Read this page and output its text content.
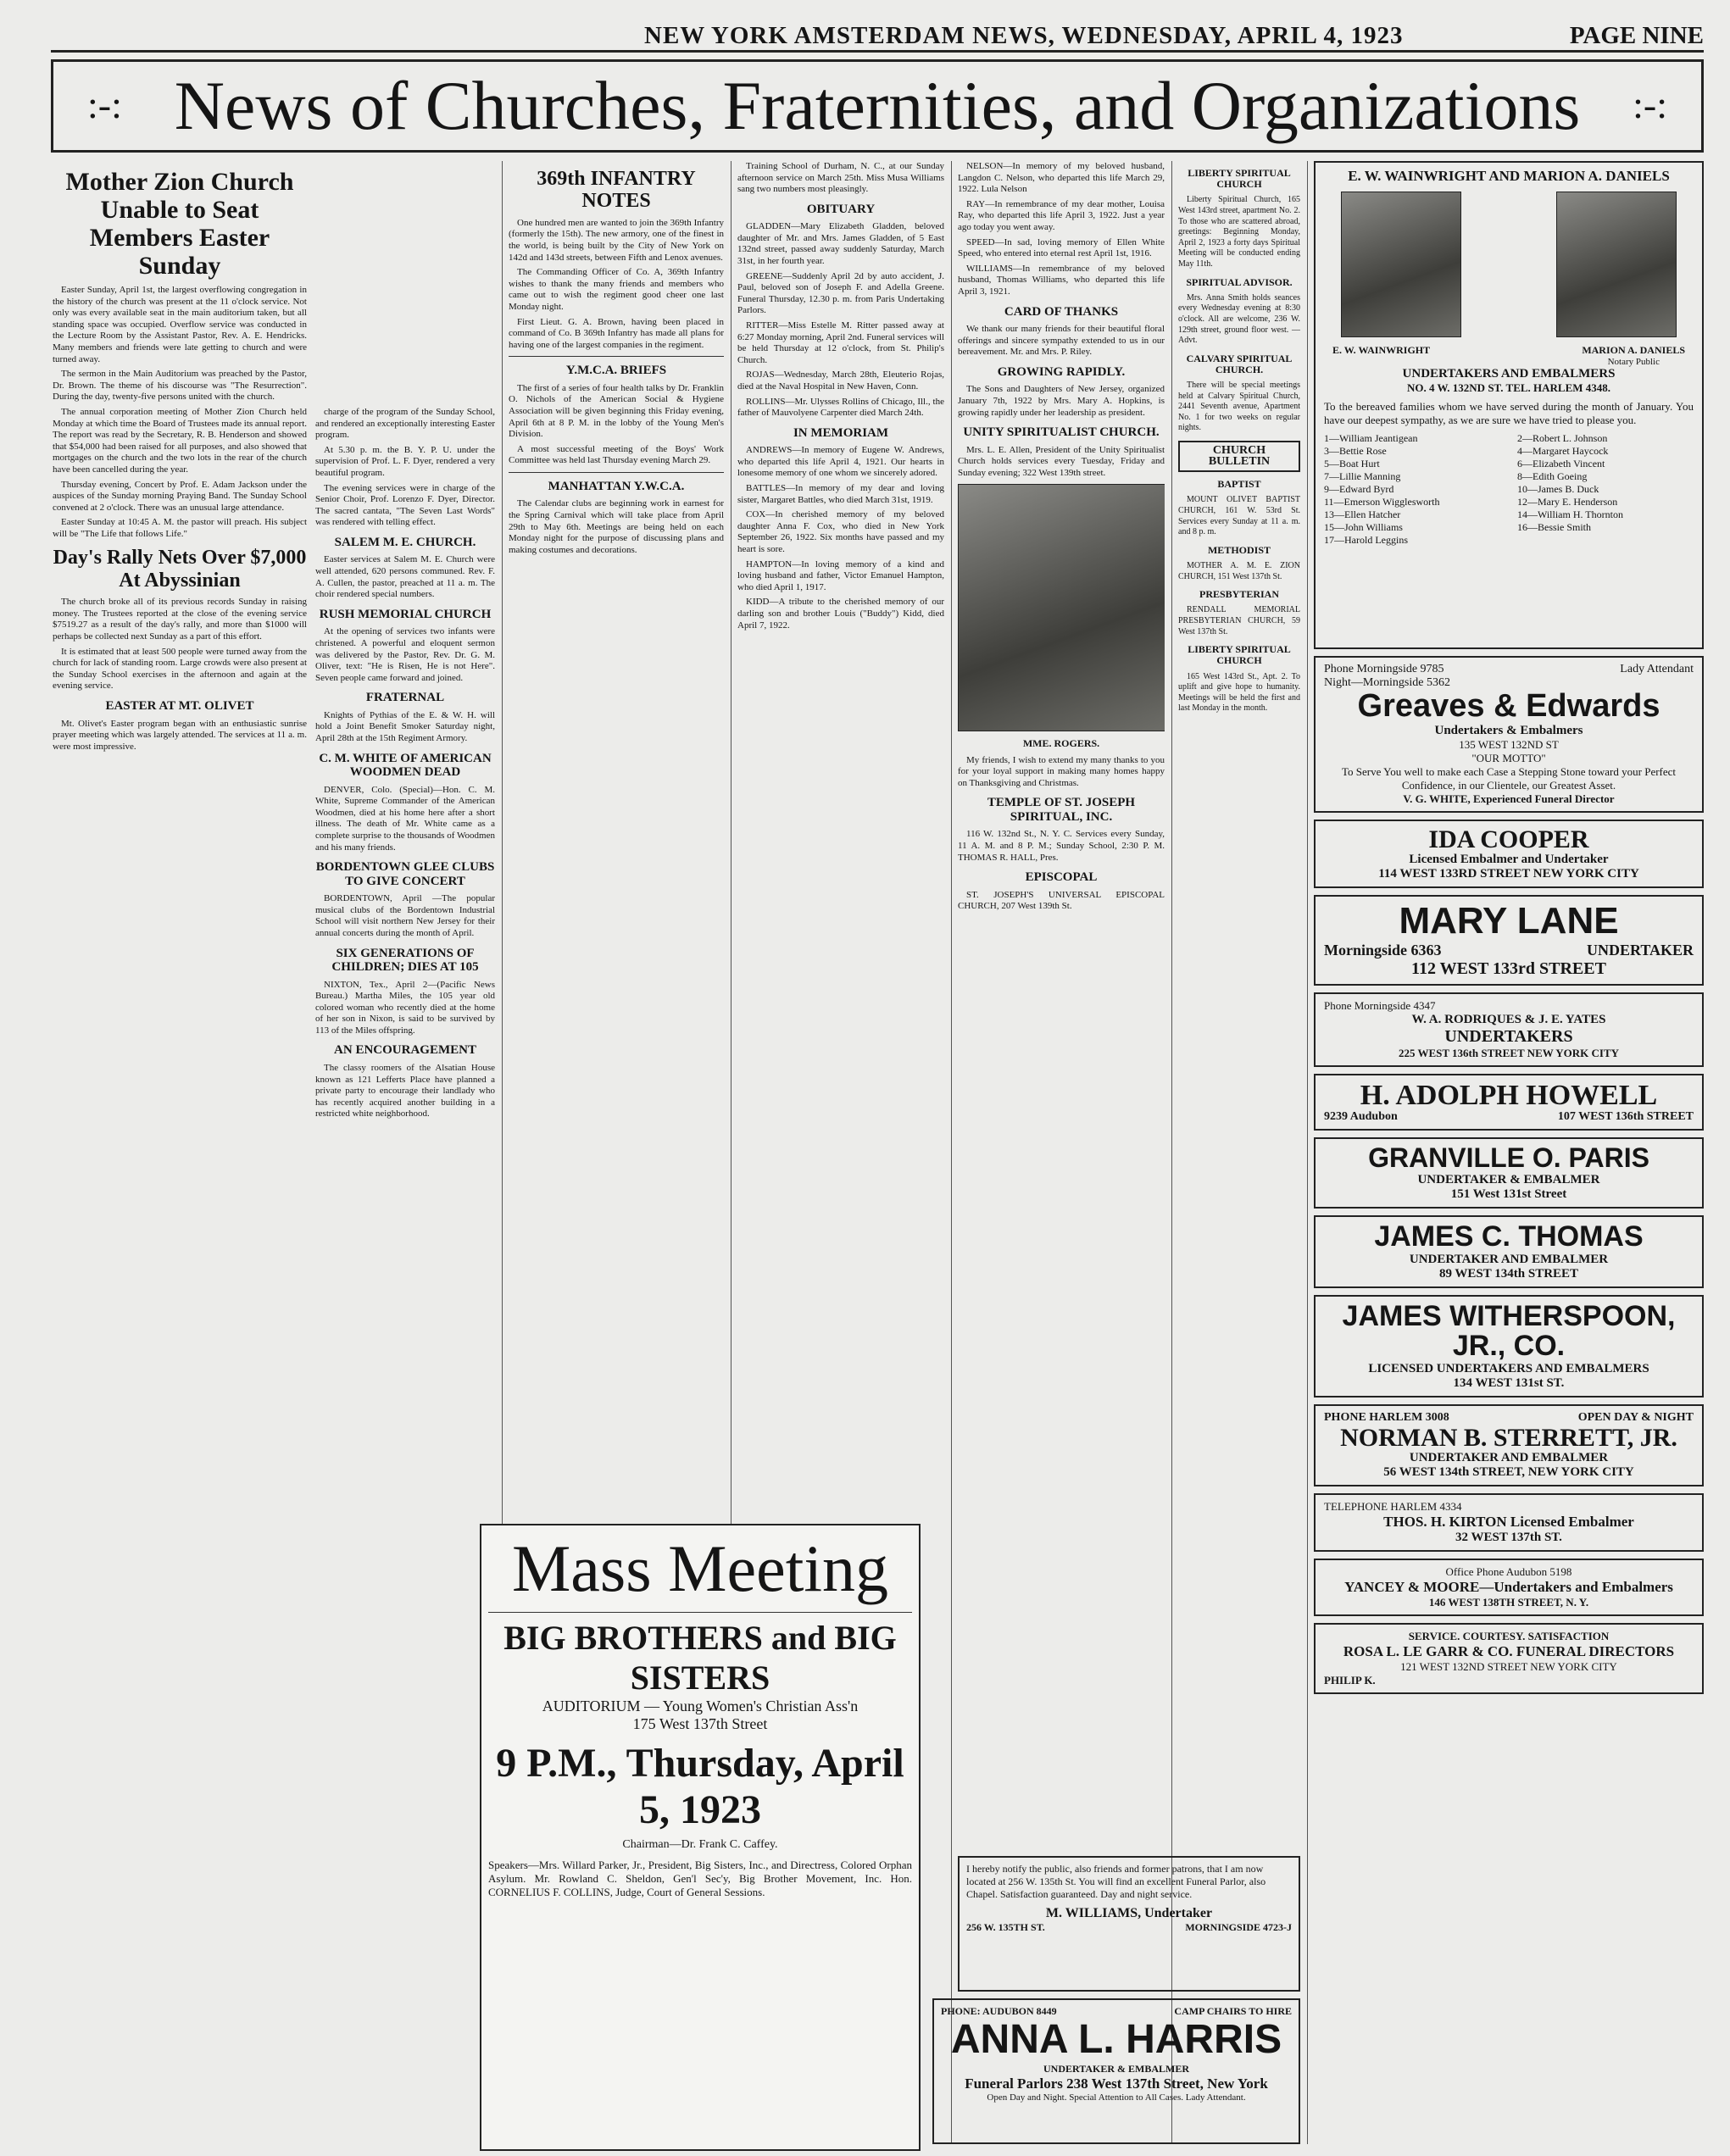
NEW YORK AMSTERDAM NEWS, WEDNESDAY, APRIL 4, 1923	PAGE NINE
:-: News of Churches, Fraternities, and Organizations :-:
Mother Zion Church Unable to Seat Members Easter Sunday

Easter Sunday, April 1st, the largest overflowing congregation in the history of the church was present at the 11 o'clock service. Not only was every available seat in the main auditorium taken, but all standing space was occupied. Overflow service was conducted in the Lecture Room by the Assistant Pastor, Rev. A. E. Hendricks. Many members and friends were late getting to church and were turned away.

The sermon in the Main Auditorium was preached by the Pastor, Dr. Brown. The theme of his discourse was "The Resurrection". During the day, twenty-five persons united with the church.

The annual corporation meeting of Mother Zion Church held Monday at which time the Board of Trustees made its annual report. The report was read by the Secretary, R. B. Henderson and showed that $54,000 had been raised for all purposes, and also showed that mortgages on the church and the two lots in the rear of the church have been cancelled during the year.

Thursday evening, Concert by Prof. E. Adam Jackson under the auspices of the Sunday morning Praying Band. The Sunday School convened at 2 o'clock. There was an unusual large attendance.

Easter Sunday at 10:45 A. M. the pastor will preach. His subject will be "The Life that follows Life."

Day's Rally Nets Over $7,000 At Abyssinian

The church broke all of its previous records Sunday in raising money. The Trustees reported at the close of the evening service $7519.27 as a result of the day's rally, and more than $1000 will perhaps be collected next Sunday as a part of this effort.

It is estimated that at least 500 people were turned away from the church for lack of standing room. Large crowds were also present at the Sunday School exercises in the afternoon and again at the evening service.

EASTER AT MT. OLIVET

Mt. Olivet's Easter program began with an enthusiastic sunrise prayer meeting which was largely attended. The services at 11 a. m. were most impressive.

charge of the program of the Sunday School, and rendered an exceptionally interesting Easter program.

At 5.30 p. m. the B. Y. P. U. under the supervision of Prof. L. F. Dyer, rendered a very beautiful program.

The evening services were in charge of the Senior Choir, Prof. Lorenzo F. Dyer, Director. The sacred cantata, "The Seven Last Words" was rendered with telling effect.

SALEM M. E. CHURCH.

Easter services at Salem M. E. Church were well attended, 620 persons communed. Rev. F. A. Cullen, the pastor, preached at 11 a. m. The choir rendered special numbers.

RUSH MEMORIAL CHURCH

At the opening of services two infants were christened. A powerful and eloquent sermon was delivered by the Pastor, Rev. Dr. G. M. Oliver, text: "He is Risen, He is not Here". Seven people came forward and joined.

FRATERNAL

Knights of Pythias of the E. & W. H. will hold a Joint Benefit Smoker Saturday night, April 28th at the 15th Regiment Armory.

C. M. WHITE OF AMERICAN WOODMEN DEAD

DENVER, Colo. (Special)—Hon. C. M. White, Supreme Commander of the American Woodmen, died at his home here after a short illness. The death of Mr. White came as a complete surprise to the thousands of Woodmen and his many friends.

BORDENTOWN GLEE CLUBS TO GIVE CONCERT

BORDENTOWN, April —The popular musical clubs of the Bordentown Industrial School will visit northern New Jersey for their annual concerts during the month of April.

SIX GENERATIONS OF CHILDREN; DIES AT 105

NIXTON, Tex., April 2—(Pacific News Bureau.) Martha Miles, the 105 year old colored woman who recently died at the home of her son in Nixon, is said to be survived by 113 of the Miles offspring.

AN ENCOURAGEMENT

The classy roomers of the Alsatian House known as 121 Lefferts Place have planned a private party to encourage their landlady who has recently acquired another building in a restricted white neighborhood.

369th INFANTRY NOTES

One hundred men are wanted to join the 369th Infantry (formerly the 15th). The new armory, one of the finest in the world, is being built by the City of New York on 142d and 143d streets, between Fifth and Lenox avenues.

The Commanding Officer of Co. A, 369th Infantry wishes to thank the many friends and members who came out to wish the regiment good cheer one last Monday night.

First Lieut. G. A. Brown, having been placed in command of Co. B 369th Infantry has made all plans for having one of the largest companies in the regiment.

Y.M.C.A. BRIEFS

The first of a series of four health talks by Dr. Franklin O. Nichols of the American Social & Hygiene Association will be given beginning this Friday evening, April 6th at 8 P. M. in the lobby of the Young Men's Division.

A most successful meeting of the Boys' Work Committee was held last Thursday evening March 29.

MANHATTAN Y.W.C.A.

The Calendar clubs are beginning work in earnest for the Spring Carnival which will take place from April 29th to May 6th. Meetings are being held on each Monday night for the purpose of discussing plans and making costumes and decorations.

Training School of Durham, N. C., at our Sunday afternoon service on March 25th. Miss Musa Williams sang two numbers most pleasingly.

OBITUARY

GLADDEN—Mary Elizabeth Gladden, beloved daughter of Mr. and Mrs. James Gladden, of 5 East 132nd street, passed away suddenly Saturday, March 31st, in her fourth year.

GREENE—Suddenly April 2d by auto accident, J. Paul, beloved son of Joseph F. and Adella Greene. Funeral Thursday, 12.30 p. m. from Paris Undertaking Parlors.

RITTER—Miss Estelle M. Ritter passed away at 6:27 Monday morning, April 2nd. Funeral services will be held Thursday at 12 o'clock, from St. Philip's Church.

ROJAS—Wednesday, March 28th, Eleuterio Rojas, died at the Naval Hospital in New Haven, Conn.

ROLLINS—Mr. Ulysses Rollins of Chicago, Ill., the father of Mauvolyene Carpenter died March 24th.

IN MEMORIAM

ANDREWS—In memory of Eugene W. Andrews, who departed this life April 4, 1921. Our hearts in lonesome memory of one whom we sincerely adored.

BATTLES—In memory of my dear and loving sister, Margaret Battles, who died March 31st, 1919.

COX—In cherished memory of my beloved daughter Anna F. Cox, who died in New York September 26, 1922. Six months have passed and my heart is sore.

HAMPTON—In loving memory of a kind and loving husband and father, Victor Emanuel Hampton, who died April 1, 1917.

KIDD—A tribute to the cherished memory of our darling son and brother Louis ("Buddy") Kidd, died April 7, 1922.

Mass Meeting
BIG BROTHERS and BIG SISTERS
AUDITORIUM — Young Women's Christian Ass'n
175 West 137th Street
9 P.M., Thursday, April 5, 1923
Chairman—Dr. Frank C. Caffey.
Speakers—Mrs. Willard Parker, Jr., President, Big Sisters, Inc., and Directress, Colored Orphan Asylum. Mr. Rowland C. Sheldon, Gen'l Sec'y, Big Brother Movement, Inc. Hon. CORNELIUS F. COLLINS, Judge, Court of General Sessions.

NELSON—In memory of my beloved husband, Langdon C. Nelson, who departed this life March 29, 1922. Lula Nelson

RAY—In remembrance of my dear mother, Louisa Ray, who departed this life April 3, 1922. Just a year ago today you went away.

SPEED—In sad, loving memory of Ellen White Speed, who entered into eternal rest April 1st, 1916.

WILLIAMS—In remembrance of my beloved husband, Thomas Williams, who departed this life April 3, 1921.

CARD OF THANKS

We thank our many friends for their beautiful floral offerings and sincere sympathy extended to us in our bereavement. Mr. and Mrs. P. Riley.

GROWING RAPIDLY.

The Sons and Daughters of New Jersey, organized January 7th, 1922 by Mrs. Mary A. Hopkins, is growing rapidly under her leadership as president.

UNITY SPIRITUALIST CHURCH.

Mrs. L. E. Allen, President of the Unity Spiritualist Church holds services every Tuesday, Friday and Sunday evening; 322 West 139th street.

MME. ROGERS.

My friends, I wish to extend my many thanks to you for your loyal support in making many homes happy on Thanksgiving and Christmas.

TEMPLE OF ST. JOSEPH SPIRITUAL, INC.

116 W. 132nd St., N. Y. C. Services every Sunday, 11 A. M. and 8 P. M.; Sunday School, 2:30 P. M. THOMAS R. HALL, Pres.

EPISCOPAL

ST. JOSEPH'S UNIVERSAL EPISCOPAL CHURCH, 207 West 139th St.

LIBERTY SPIRITUAL CHURCH

Liberty Spiritual Church, 165 West 143rd street, apartment No. 2. To those who are scattered abroad, greetings: Beginning Monday, April 2, 1923 a forty days Spiritual Meeting will be conducted ending May 11th.

SPIRITUAL ADVISOR.

Mrs. Anna Smith holds seances every Wednesday evening at 8:30 o'clock. All are welcome, 236 W. 129th street, ground floor west. —Advt.

CALVARY SPIRITUAL CHURCH.

There will be special meetings held at Calvary Spiritual Church, 2441 Seventh avenue, Apartment No. 1 for two weeks on regular nights.

CHURCH BULLETIN
BAPTIST

MOUNT OLIVET BAPTIST CHURCH, 161 W. 53rd St. Services every Sunday at 11 a. m. and 8 p. m.

METHODIST

MOTHER A. M. E. ZION CHURCH, 151 West 137th St.

PRESBYTERIAN

RENDALL MEMORIAL PRESBYTERIAN CHURCH, 59 West 137th St.

LIBERTY SPIRITUAL CHURCH

165 West 143rd St., Apt. 2. To uplift and give hope to humanity. Meetings will be held the first and last Monday in the month.

I hereby notify the public, also friends and former patrons, that I am now located at 256 W. 135th St. You will find an excellent Funeral Parlor, also Chapel. Satisfaction guaranteed. Day and night service.
M. WILLIAMS, Undertaker
256 W. 135TH ST.	MORNINGSIDE 4723-J
PHONE: AUDUBON 8449	CAMP CHAIRS TO HIRE
ANNA L. HARRIS
UNDERTAKER & EMBALMER
Funeral Parlors 238 West 137th Street, New York
Open Day and Night. Special Attention to All Cases. Lady Attendant.
E. W. WAINWRIGHT AND MARION A. DANIELS
E. W. WAINWRIGHT	MARION A. DANIELS
Notary Public
UNDERTAKERS AND EMBALMERS
NO. 4 W. 132ND ST. TEL. HARLEM 4348.
To the bereaved families whom we have served during the month of January. You have our deepest sympathy, as we are sure we have tried to please you.
1—William Jeantigean	2—Robert L. Johnson
3—Bettie Rose	4—Margaret Haycock
5—Boat Hurt	6—Elizabeth Vincent
7—Lillie Manning	8—Edith Goeing
9—Edward Byrd	10—James B. Duck
11—Emerson Wigglesworth	12—Mary E. Henderson
13—Ellen Hatcher	14—William H. Thornton
15—John Williams	16—Bessie Smith
17—Harold Leggins
Phone Morningside 9785	Lady Attendant
Night—Morningside 5362
Greaves & Edwards
Undertakers & Embalmers
135 WEST 132ND ST
"OUR MOTTO"
To Serve You well to make each Case a Stepping Stone toward your Perfect Confidence, in our Clientele, our Greatest Asset.
V. G. WHITE, Experienced Funeral Director
IDA COOPER
Licensed Embalmer and Undertaker
114 WEST 133RD STREET NEW YORK CITY
MARY LANE
Morningside 6363	UNDERTAKER
112 WEST 133rd STREET
Phone Morningside 4347
W. A. RODRIQUES & J. E. YATES
UNDERTAKERS
225 WEST 136th STREET NEW YORK CITY
H. ADOLPH HOWELL
9239 Audubon	107 WEST 136th STREET
GRANVILLE O. PARIS
UNDERTAKER & EMBALMER
151 West 131st Street
JAMES C. THOMAS
UNDERTAKER AND EMBALMER
89 WEST 134th STREET
JAMES WITHERSPOON, JR., CO.
LICENSED UNDERTAKERS AND EMBALMERS
134 WEST 131st ST.
PHONE HARLEM 3008	OPEN DAY & NIGHT
NORMAN B. STERRETT, JR.
UNDERTAKER AND EMBALMER
56 WEST 134th STREET, NEW YORK CITY
TELEPHONE HARLEM 4334
THOS. H. KIRTON Licensed Embalmer
32 WEST 137th ST.
Office Phone Audubon 5198
YANCEY & MOORE—Undertakers and Embalmers
146 WEST 138TH STREET, N. Y.
SERVICE. COURTESY. SATISFACTION
ROSA L. LE GARR & CO. FUNERAL DIRECTORS
121 WEST 132ND STREET NEW YORK CITY
PHILIP K.
